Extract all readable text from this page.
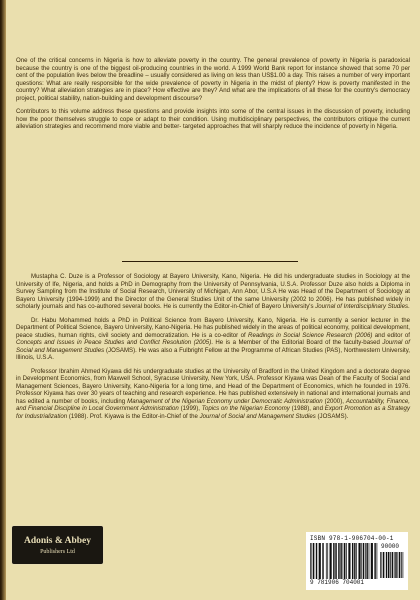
One of the critical concerns in Nigeria is how to alleviate poverty in the country. The general prevalence of poverty in Nigeria is paradoxical because the country is one of the biggest oil-producing countries in the world. A 1999 World Bank report for instance showed that some 70 per cent of the population lives below the breadline – usually considered as living on less than US$1.00 a day. This raises a number of very important questions: What are really responsible for the wide prevalence of poverty in Nigeria in the midst of plenty? How is poverty manifested in the country? What alleviation strategies are in place? How effective are they? And what are the implications of all these for the country's democracy project, political stability, nation-building and development discourse?

Contributors to this volume address these questions and provide insights into some of the central issues in the discussion of poverty, including how the poor themselves struggle to cope or adapt to their condition. Using multidisciplinary perspectives, the contributors critique the current alleviation strategies and recommend more viable and better- targeted approaches that will sharply reduce the incidence of poverty in Nigeria.

Mustapha C. Duze is a Professor of Sociology at Bayero University, Kano, Nigeria. He did his undergraduate studies in Sociology at the University of Ife, Nigeria, and holds a PhD in Demography from the University of Pennsylvania, U.S.A. Professor Duze also holds a Diploma in Survey Sampling from the Institute of Social Research, University of Michigan, Ann Abor, U.S.A He was Head of the Department of Sociology at Bayero University (1994-1999) and the Director of the General Studies Unit of the same University (2002 to 2006). He has published widely in scholarly journals and has co-authored several books. He is currently the Editor-in-Chief of Bayero University's Journal of Interdisciplinary Studies.

Dr. Habu Mohammed holds a PhD in Political Science from Bayero University, Kano, Nigeria. He is currently a senior lecturer in the Department of Political Science, Bayero University, Kano-Nigeria. He has published widely in the areas of political economy, political development, peace studies, human rights, civil society and democratization. He is a co-editor of Readings in Social Science Research (2006) and editor of Concepts and Issues in Peace Studies and Conflict Resolution (2005). He is a Member of the Editorial Board of the faculty-based Journal of Social and Management Studies (JOSAMS). He was also a Fulbright Fellow at the Programme of African Studies (PAS), Northwestern University, Illinois, U.S.A.

Professor Ibrahim Ahmed Kiyawa did his undergraduate studies at the University of Bradford in the United Kingdom and a doctorate degree in Development Economics, from Maxwell School, Syracuse University, New York, USA. Professor Kiyawa was Dean of the Faculty of Social and Management Sciences, Bayero University, Kano-Nigeria for a long time, and Head of the Department of Economics, which he founded in 1976. Professor Kiyawa has over 30 years of teaching and research experience. He has published extensively in national and international journals and has edited a number of books, including Management of the Nigerian Economy under Democratic Administration (2000), Accountability, Finance, and Financial Discipline in Local Government Administration (1999), Topics on the Nigerian Economy (1988), and Export Promotion as a Strategy for Industrialization (1988). Prof. Kiyawa is the Editor-in-Chief of the Journal of Social and Management Studies (JOSAMS).

Adonis & Abbey
Publishers Ltd
ISBN 978-1-906704-00-1
90000
9 781906 704001
